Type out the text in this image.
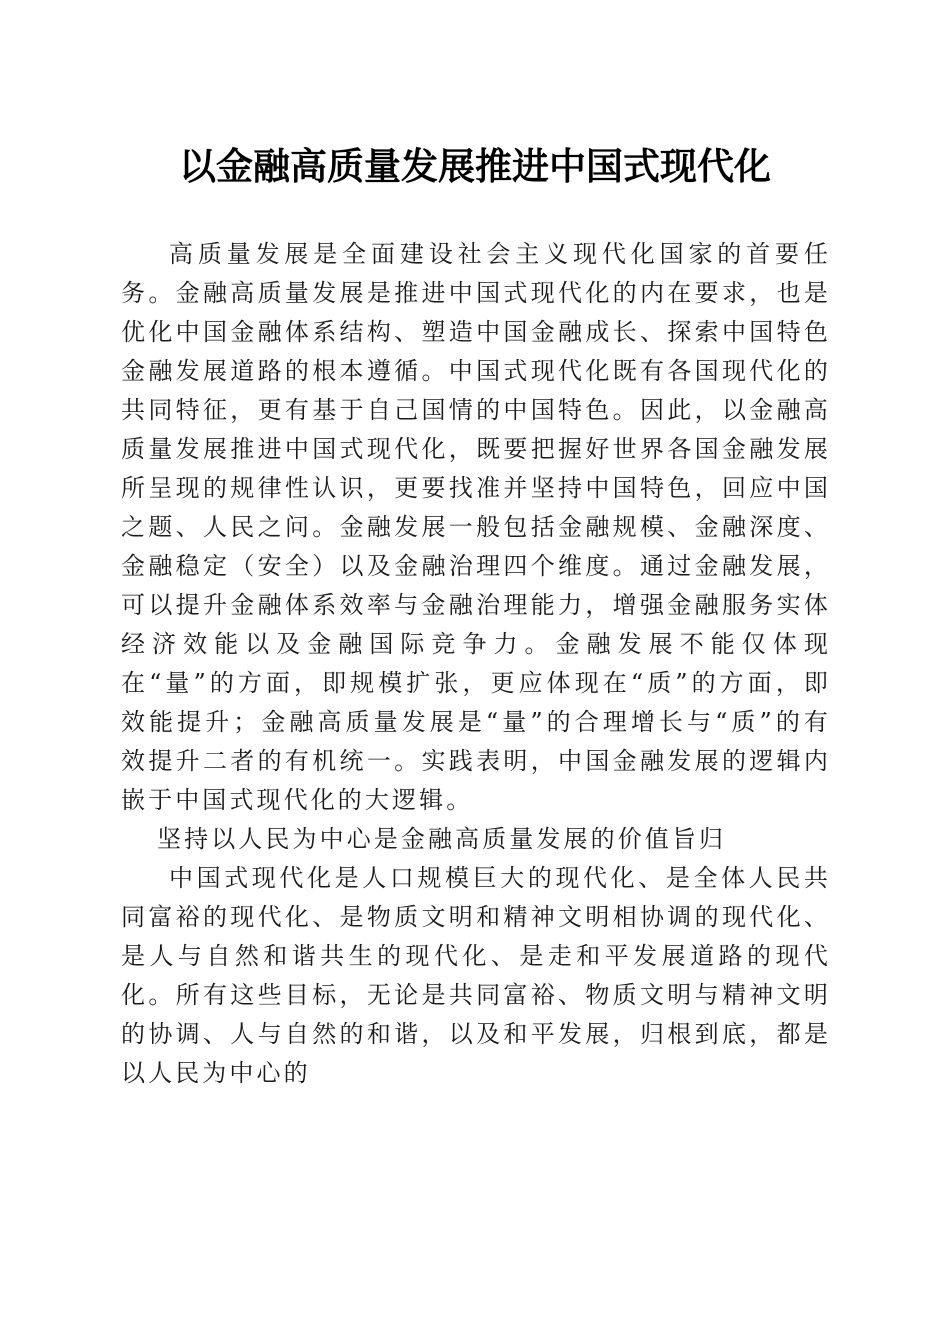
以金融高质量发展推进中国式现代化

高质量发展是全面建设社会主义现代化国家的首要任务。金融高质量发展是推进中国式现代化的内在要求，也是优化中国金融体系结构、塑造中国金融成长、探索中国特色金融发展道路的根本遵循。中国式现代化既有各国现代化的共同特征，更有基于自己国情的中国特色。因此，以金融高质量发展推进中国式现代化，既要把握好世界各国金融发展所呈现的规律性认识，更要找准并坚持中国特色，回应中国之题、人民之问。金融发展一般包括金融规模、金融深度、金融稳定（安全）以及金融治理四个维度。通过金融发展，可以提升金融体系效率与金融治理能力，增强金融服务实体经济效能以及金融国际竞争力。金融发展不能仅体现在“量”的方面，即规模扩张，更应体现在“质”的方面，即效能提升；金融高质量发展是“量”的合理增长与“质”的有效提升二者的有机统一。实践表明，中国金融发展的逻辑内嵌于中国式现代化的大逻辑。

坚持以人民为中心是金融高质量发展的价值旨归

中国式现代化是人口规模巨大的现代化、是全体人民共同富裕的现代化、是物质文明和精神文明相协调的现代化、是人与自然和谐共生的现代化、是走和平发展道路的现代化。所有这些目标，无论是共同富裕、物质文明与精神文明的协调、人与自然的和谐，以及和平发展，归根到底，都是以人民为中心的
